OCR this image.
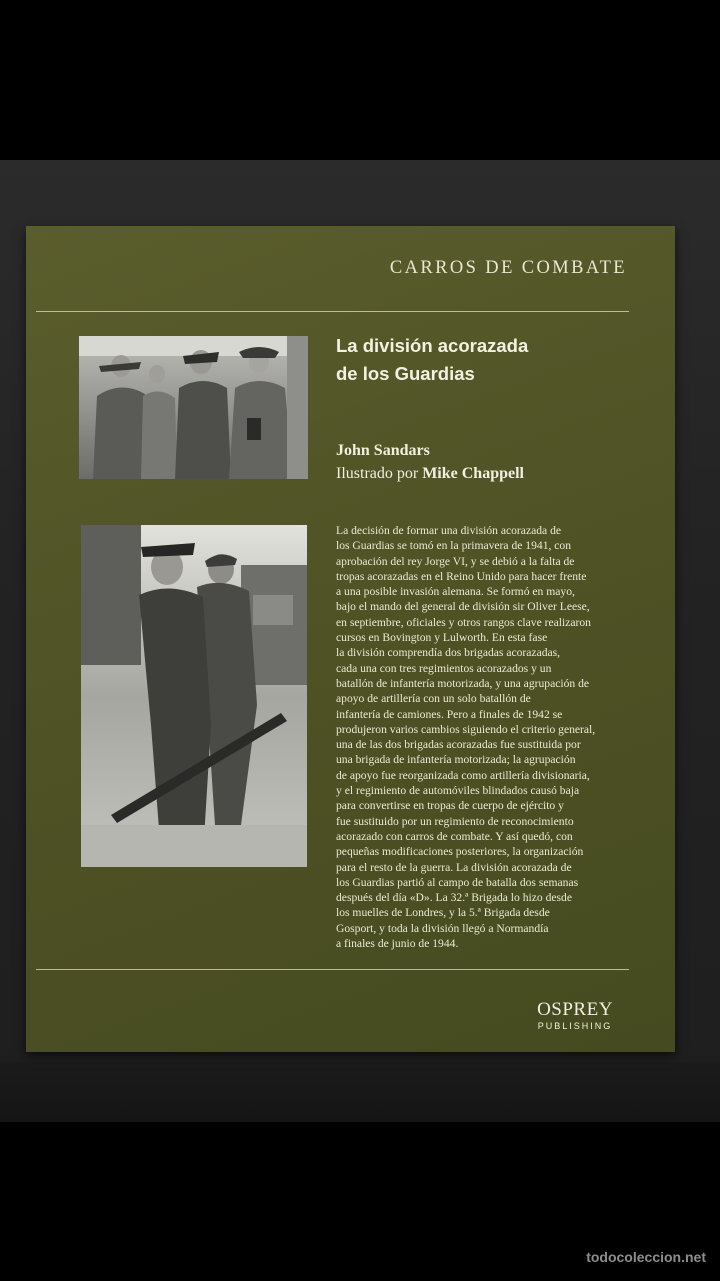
CARROS DE COMBATE
La división acorazada
de los Guardias
John Sandars
Ilustrado por Mike Chappell
La decisión de formar una división acorazada de
los Guardias se tomó en la primavera de 1941, con
aprobación del rey Jorge VI, y se debió a la falta de
tropas acorazadas en el Reino Unido para hacer frente
a una posible invasión alemana. Se formó en mayo,
bajo el mando del general de división sir Oliver Leese,
en septiembre, oficiales y otros rangos clave realizaron
cursos en Bovington y Lulworth. En esta fase
la división comprendía dos brigadas acorazadas,
cada una con tres regimientos acorazados y un
batallón de infantería motorizada, y una agrupación de
apoyo de artillería con un solo batallón de
infantería de camiones. Pero a finales de 1942 se
produjeron varios cambios siguiendo el criterio general,
una de las dos brigadas acorazadas fue sustituida por
una brigada de infantería motorizada; la agrupación
de apoyo fue reorganizada como artillería divisionaria,
y el regimiento de automóviles blindados causó baja
para convertirse en tropas de cuerpo de ejército y
fue sustituido por un regimiento de reconocimiento
acorazado con carros de combate. Y así quedó, con
pequeñas modificaciones posteriores, la organización
para el resto de la guerra. La división acorazada de
los Guardias partió al campo de batalla dos semanas
después del día «D». La 32.ª Brigada lo hizo desde
los muelles de Londres, y la 5.ª Brigada desde
Gosport, y toda la división llegó a Normandía
a finales de junio de 1944.
OSPREY
PUBLISHING
todocoleccion.net
